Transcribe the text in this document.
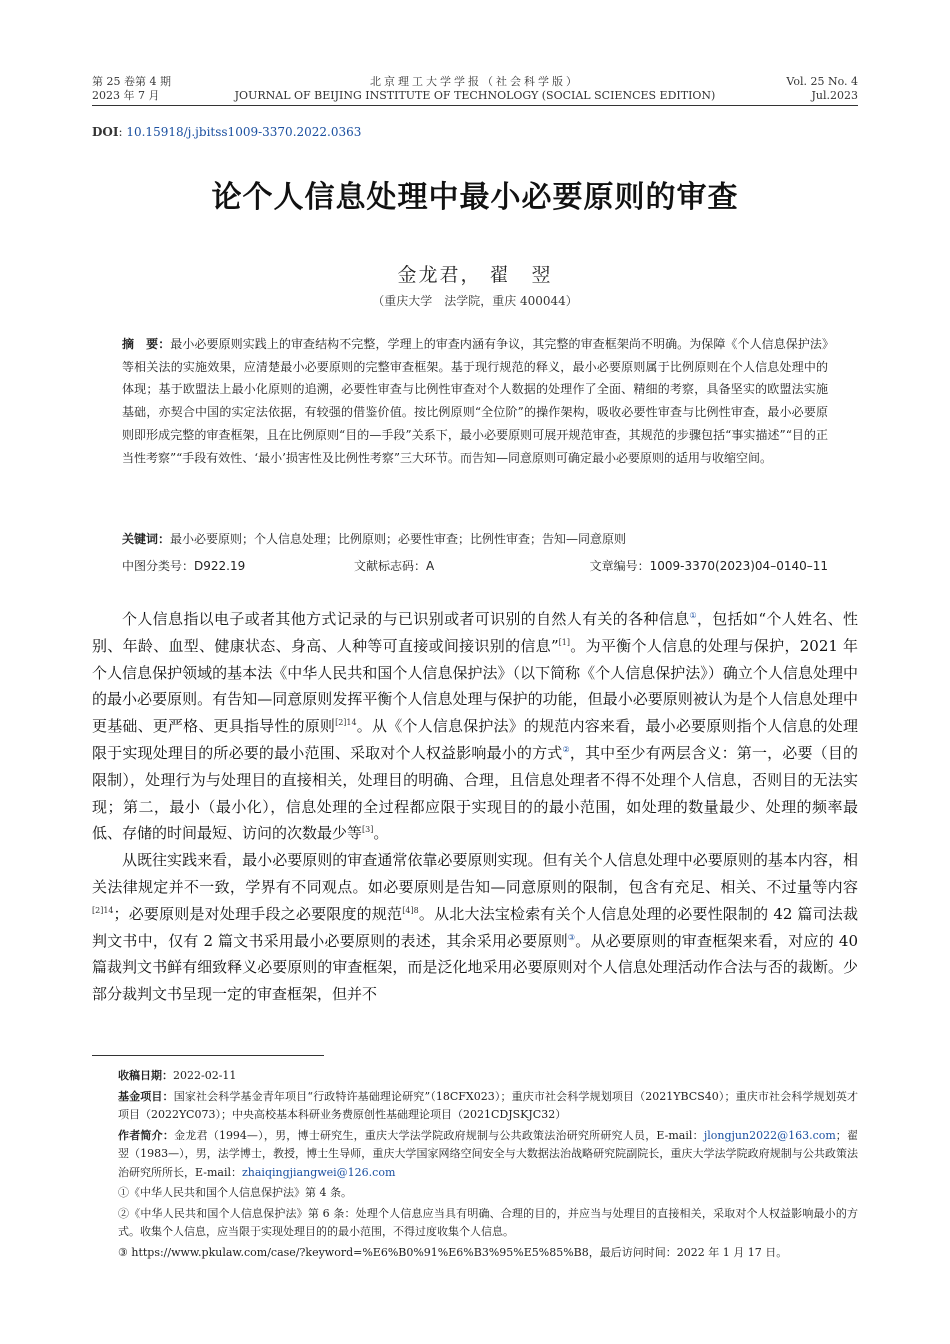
第 25 卷第 4 期
2023 年 7 月
北京理工大学学报（社会科学版）
JOURNAL OF BEIJING INSTITUTE OF TECHNOLOGY (SOCIAL SCIENCES EDITION)
Vol. 25 No. 4
Jul.2023
DOI: 10.15918/j.jbitss1009-3370.2022.0363
论个人信息处理中最小必要原则的审查
金龙君， 翟　翌
（重庆大学　法学院，重庆 400044）
摘　要：最小必要原则实践上的审查结构不完整，学理上的审查内涵有争议，其完整的审查框架尚不明确。为保障《个人信息保护法》等相关法的实施效果，应清楚最小必要原则的完整审查框架。基于现行规范的释义，最小必要原则属于比例原则在个人信息处理中的体现；基于欧盟法上最小化原则的追溯，必要性审查与比例性审查对个人数据的处理作了全面、精细的考察，具备坚实的欧盟法实施基础，亦契合中国的实定法依据，有较强的借鉴价值。按比例原则“全位阶”的操作架构，吸收必要性审查与比例性审查，最小必要原则即形成完整的审查框架，且在比例原则“目的—手段”关系下，最小必要原则可展开规范审查，其规范的步骤包括“事实描述”“目的正当性考察”“手段有效性、‘最小’损害性及比例性考察”三大环节。而告知—同意原则可确定最小必要原则的适用与收缩空间。
关键词：最小必要原则；个人信息处理；比例原则；必要性审查；比例性审查；告知—同意原则
中图分类号：D922.19	文献标志码：A	文章编号：1009-3370(2023)04–0140–11

个人信息指以电子或者其他方式记录的与已识别或者可识别的自然人有关的各种信息①，包括如“个人姓名、性别、年龄、血型、健康状态、身高、人种等可直接或间接识别的信息”[1]。为平衡个人信息的处理与保护，2021 年个人信息保护领域的基本法《中华人民共和国个人信息保护法》（以下简称《个人信息保护法》）确立个人信息处理中的最小必要原则。有告知—同意原则发挥平衡个人信息处理与保护的功能，但最小必要原则被认为是个人信息处理中更基础、更严格、更具指导性的原则$^{[2]14}$。从《个人信息保护法》的规范内容来看，最小必要原则指个人信息的处理限于实现处理目的所必要的最小范围、采取对个人权益影响最小的方式②，其中至少有两层含义：第一，必要（目的限制），处理行为与处理目的直接相关，处理目的明确、合理，且信息处理者不得不处理个人信息，否则目的无法实现；第二，最小（最小化），信息处理的全过程都应限于实现目的的最小范围，如处理的数量最少、处理的频率最低、存储的时间最短、访问的次数最少等[3]。

从既往实践来看，最小必要原则的审查通常依靠必要原则实现。但有关个人信息处理中必要原则的基本内容，相关法律规定并不一致，学界有不同观点。如必要原则是告知—同意原则的限制，包含有充足、相关、不过量等内容$^{[2]14}$；必要原则是对处理手段之必要限度的规范$^{[4]8}$。从北大法宝检索有关个人信息处理的必要性限制的 42 篇司法裁判文书中，仅有 2 篇文书采用最小必要原则的表述，其余采用必要原则③。从必要原则的审查框架来看，对应的 40 篇裁判文书鲜有细致释义必要原则的审查框架，而是泛化地采用必要原则对个人信息处理活动作合法与否的裁断。少部分裁判文书呈现一定的审查框架，但并不

收稿日期：2022-02-11
基金项目：国家社会科学基金青年项目“行政特许基础理论研究”（18CFX023）；重庆市社会科学规划项目（2021YBCS40）；重庆市社会科学规划英才项目（2022YC073）；中央高校基本科研业务费原创性基础理论项目（2021CDJSKJC32）
作者简介：金龙君（1994—），男，博士研究生，重庆大学法学院政府规制与公共政策法治研究所研究人员，E-mail：jlongjun2022@163.com；翟翌（1983—），男，法学博士，教授，博士生导师，重庆大学国家网络空间安全与大数据法治战略研究院副院长，重庆大学法学院政府规制与公共政策法治研究所所长，E-mail：zhaiqingjiangwei@126.com
①《中华人民共和国个人信息保护法》第 4 条。
②《中华人民共和国个人信息保护法》第 6 条：处理个人信息应当具有明确、合理的目的，并应当与处理目的直接相关，采取对个人权益影响最小的方式。收集个人信息，应当限于实现处理目的的最小范围，不得过度收集个人信息。
③ https://www.pkulaw.com/case/?keyword=%E6%B0%91%E6%B3%95%E5%85%B8，最后访问时间：2022 年 1 月 17 日。
